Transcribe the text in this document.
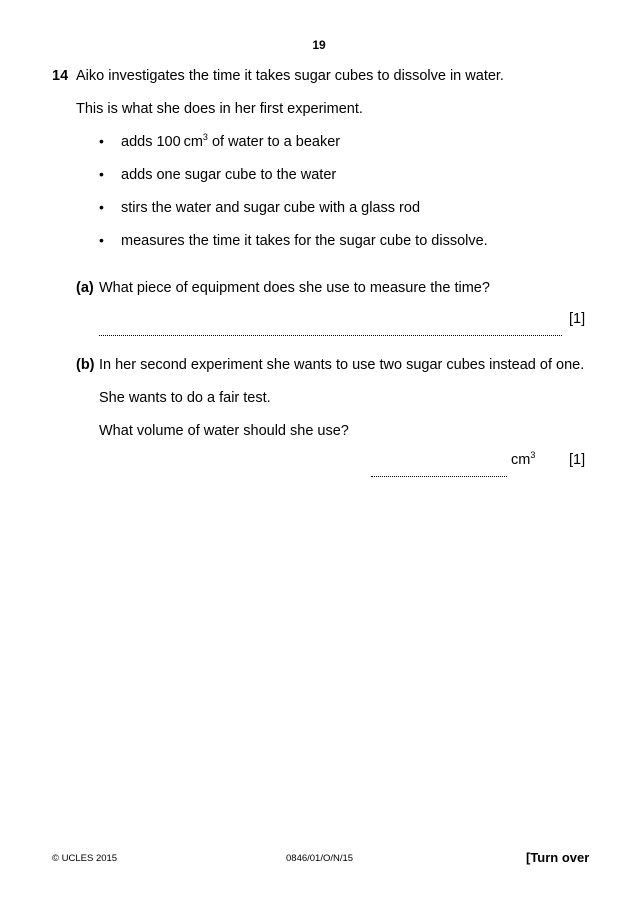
19
14 Aiko investigates the time it takes sugar cubes to dissolve in water.
This is what she does in her first experiment.
• adds 100 $cm^3$ of water to a beaker
• adds one sugar cube to the water
• stirs the water and sugar cube with a glass rod
• measures the time it takes for the sugar cube to dissolve.
(a) What piece of equipment does she use to measure the time?
[1]
(b) In her second experiment she wants to use two sugar cubes instead of one.
She wants to do a fair test.
What volume of water should she use?
$cm^3$ [1]
© UCLES 2015	0846/01/O/N/15	[Turn over
